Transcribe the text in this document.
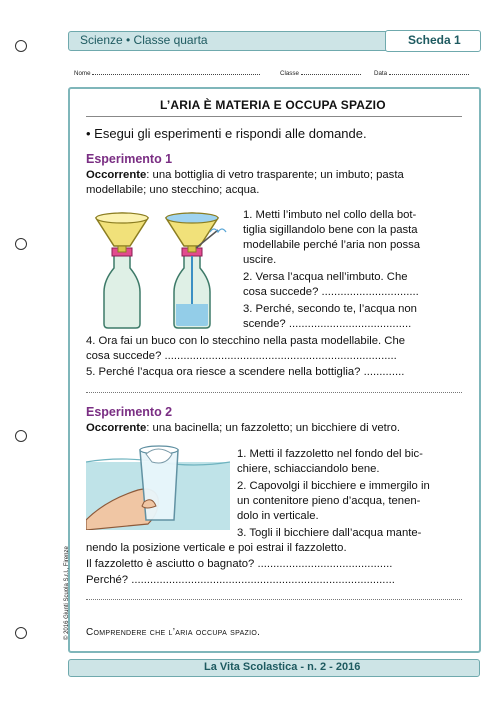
Scienze • Classe quarta	Scheda 1
Nome	Classe	Data
L’ARIA È MATERIA E OCCUPA SPAZIO
• Esegui gli esperimenti e rispondi alle domande.
Esperimento 1
Occorrente: una bottiglia di vetro trasparente; un imbuto; pasta
modellabile; uno stecchino; acqua.
1. Metti l’imbuto nel collo della bot-
tiglia sigillandolo bene con la pasta
modellabile perché l’aria non possa
uscire.
2. Versa l’acqua nell’imbuto. Che
cosa succede? ...............................
3. Perché, secondo te, l’acqua non
scende? .......................................
4. Ora fai un buco con lo stecchino nella pasta modellabile. Che
cosa succede? ..........................................................................
5. Perché l’acqua ora riesce a scendere nella bottiglia? .............
Esperimento 2
Occorrente: una bacinella; un fazzoletto; un bicchiere di vetro.
1. Metti il fazzoletto nel fondo del bic-
chiere, schiacciandolo bene.
2. Capovolgi il bicchiere e immergilo in
un contenitore pieno d’acqua, tenen-
dolo in verticale.
3. Togli il bicchiere dall’acqua mante-
nendo la posizione verticale e poi estrai il fazzoletto.
Il fazzoletto è asciutto o bagnato? ...........................................
Perché? ....................................................................................
Comprendere che l’aria occupa spazio.
© 2016 Giunti Scuola S.r.l., Firenze
La Vita Scolastica - n. 2 - 2016
